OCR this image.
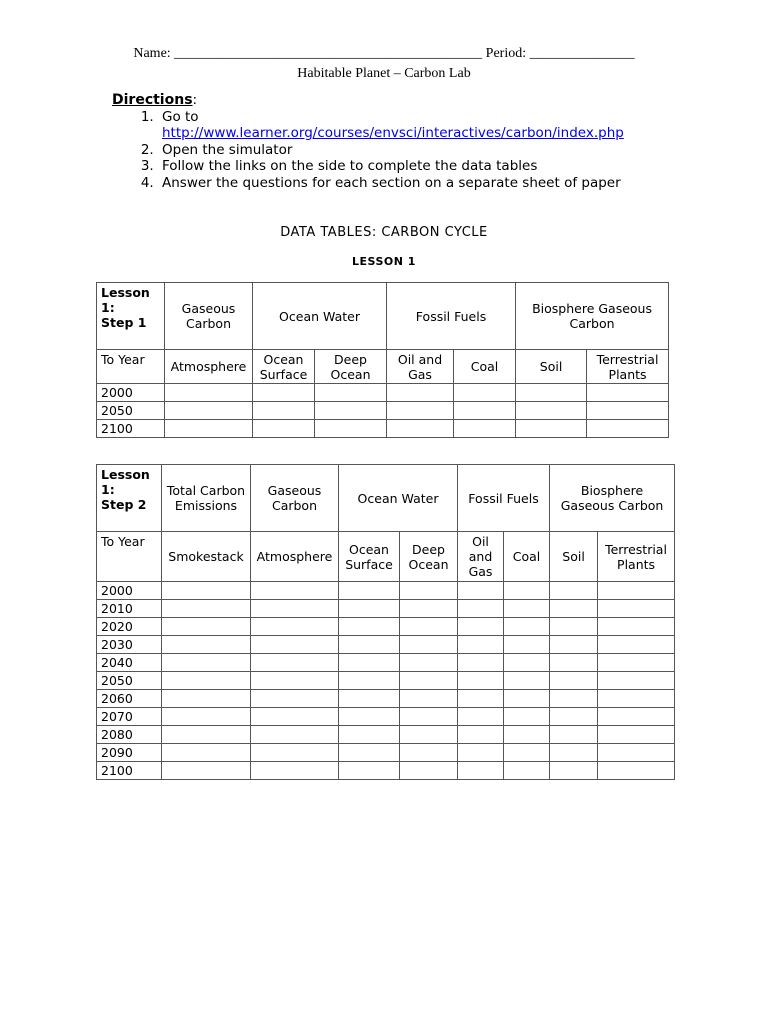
Name: ____________________________________________ Period: _______________
Habitable Planet – Carbon Lab
Directions:
1. Go to
http://www.learner.org/courses/envsci/interactives/carbon/index.php
2. Open the simulator
3. Follow the links on the side to complete the data tables
4. Answer the questions for each section on a separate sheet of paper
DATA TABLES: CARBON CYCLE
LESSON 1
Lesson
1:
Step 1	Gaseous Carbon	Ocean Water		Fossil Fuels		Biosphere Gaseous Carbon	
To Year	Atmosphere	Ocean Surface	Deep Ocean	Oil and Gas	Coal	Soil	Terrestrial Plants
2000							
2050							
2100							
Lesson
1:
Step 2	Total Carbon Emissions	Gaseous Carbon	Ocean Water		Fossil Fuels		Biosphere Gaseous Carbon	
To Year	Smokestack	Atmosphere	Ocean Surface	Deep Ocean	Oil and Gas	Coal	Soil	Terrestrial Plants
2000								
2010								
2020								
2030								
2040								
2050								
2060								
2070								
2080								
2090								
2100								
